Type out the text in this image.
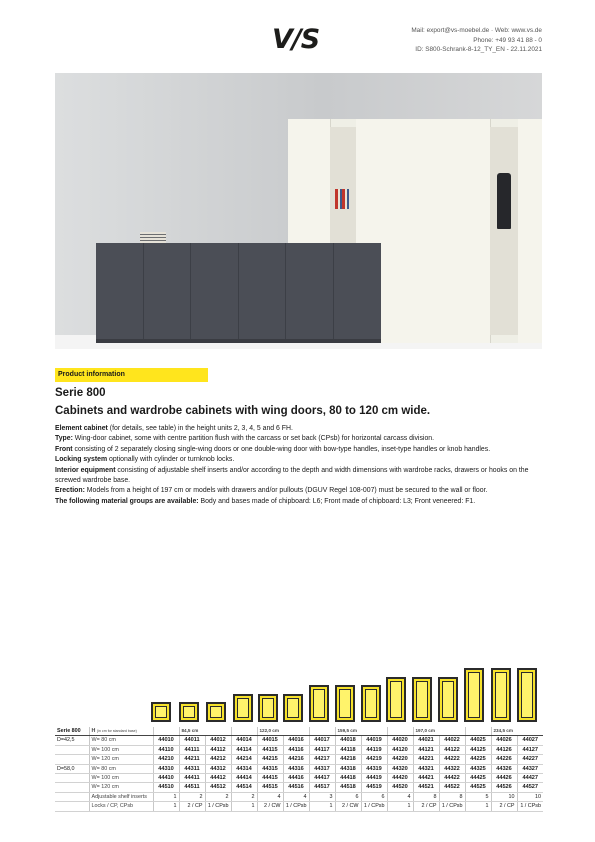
V/S	Mail: export@vs-moebel.de · Web: www.vs.de
Phone: +49 93 41 88 - 0
ID: S800-Schrank-8-12_TY_EN - 22.11.2021
Product information
Serie 800
Cabinets and wardrobe cabinets with wing doors, 80 to 120 cm wide.

Element cabinet (for details, see table) in the height units 2, 3, 4, 5 and 6 FH.

Type: Wing-door cabinet, some with centre partition flush with the carcass or set back (CPsb) for horizontal carcass division.

Front consisting of 2 separately closing single-wing doors or one double-wing door with bow-type handles, inset-type handles or knob handles.

Locking system optionally with cylinder or turnknob locks.

Interior equipment consisting of adjustable shelf inserts and/or according to the depth and width dimensions with wardrobe racks, drawers or hooks on the screwed wardrobe base.

Erection: Models from a height of 197 cm or models with drawers and/or pullouts (DGUV Regel 108-007) must be secured to the wall or floor.

The following material groups are available: Body and bases made of chipboard: L6; Front made of chipboard: L3; Front veneered: F1.

Serie 800	H (in cm for standard base)		84,5 cm			122,0 cm			159,5 cm			197,0 cm			234,5 cm	
D=42,5	W= 80 cm	44010	44011	44012	44014	44015	44016	44017	44018	44019	44020	44021	44022	44025	44026	44027
	W= 100 cm	44110	44111	44112	44114	44115	44116	44117	44118	44119	44120	44121	44122	44125	44126	44127
	W= 120 cm	44210	44211	44212	44214	44215	44216	44217	44218	44219	44220	44221	44222	44225	44226	44227
D=58,0	W= 80 cm	44310	44311	44312	44314	44315	44316	44317	44318	44319	44320	44321	44322	44325	44326	44327
	W= 100 cm	44410	44411	44412	44414	44415	44416	44417	44418	44419	44420	44421	44422	44425	44426	44427
	W= 120 cm	44510	44511	44512	44514	44515	44516	44517	44518	44519	44520	44521	44522	44525	44526	44527
	Adjustable shelf inserts	1	2	2	2	4	4	3	6	6	4	8	8	5	10	10
	Locks / CP, CPsb	1	2 / CP	1 / CPsb	1	2 / CW	1 / CPsb	1	2 / CW	1 / CPsb	1	2 / CP	1 / CPsb	1	2 / CP	1 / CPsb
